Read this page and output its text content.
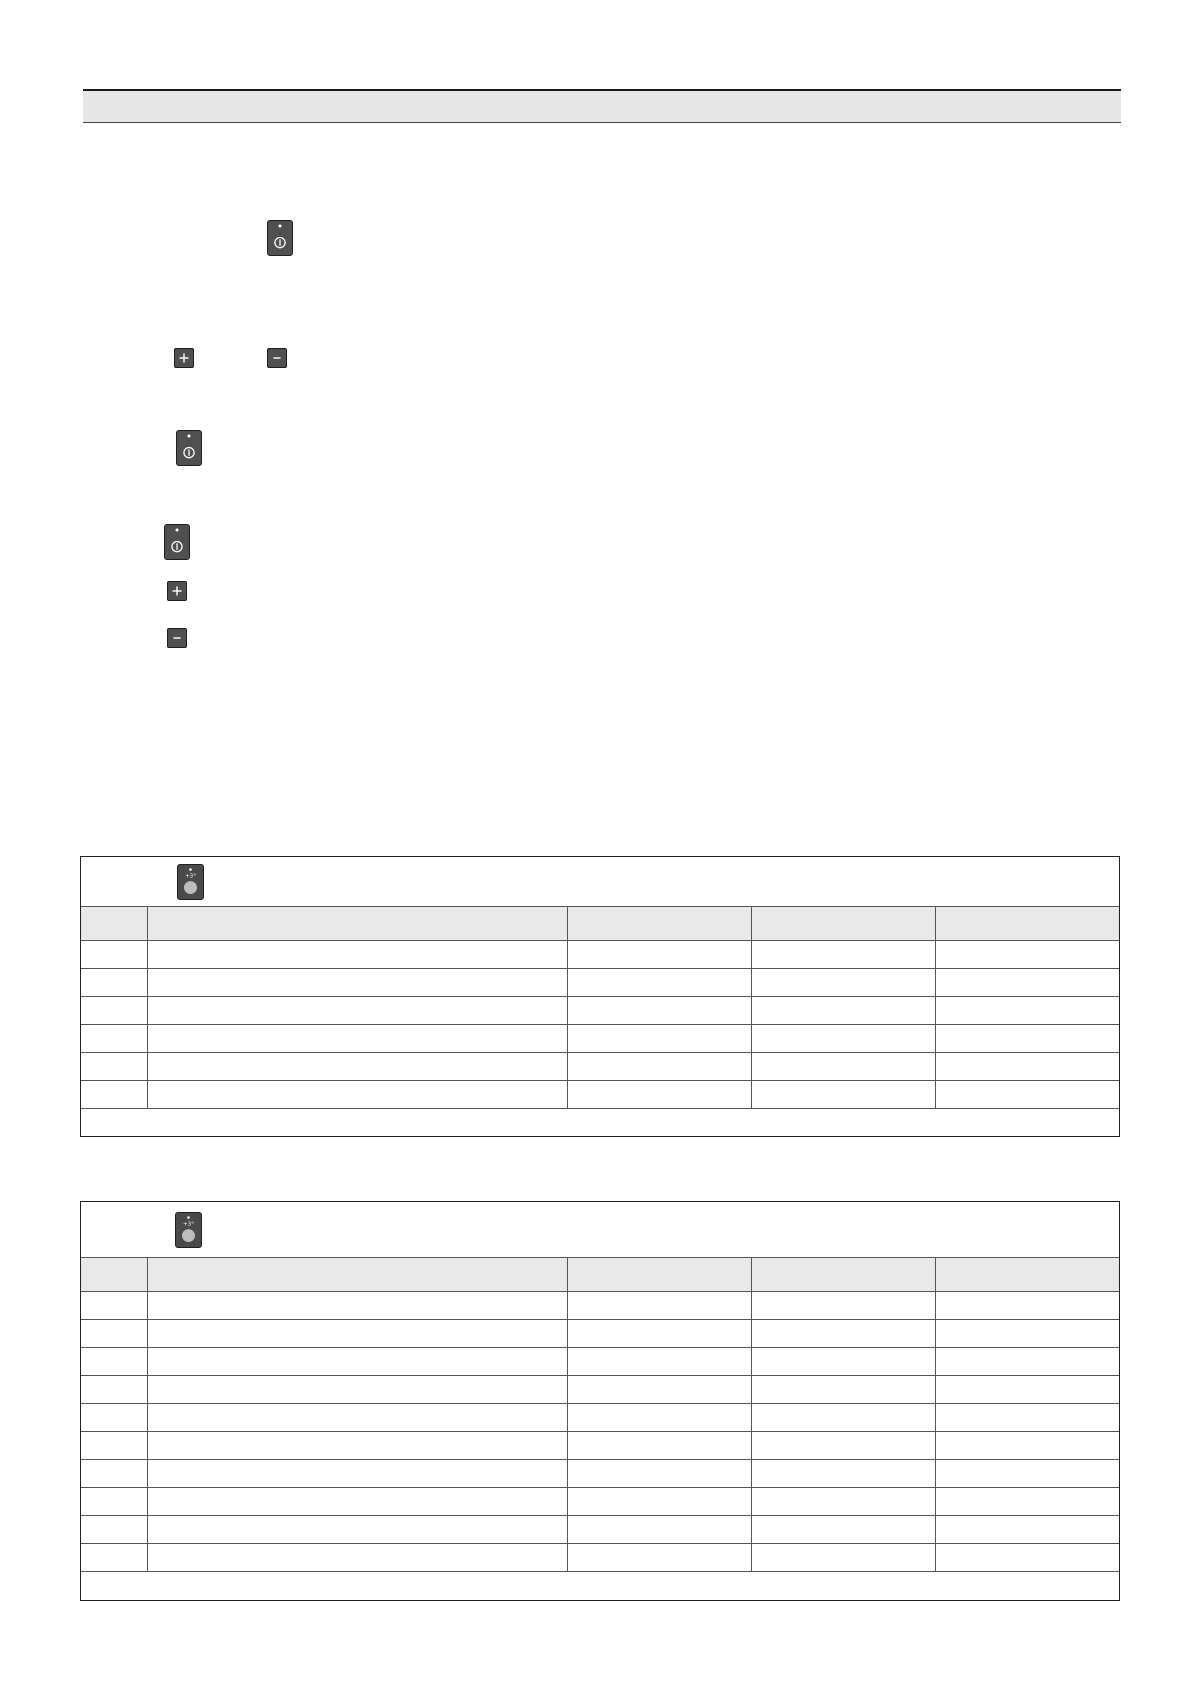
+3°				

+3°				
